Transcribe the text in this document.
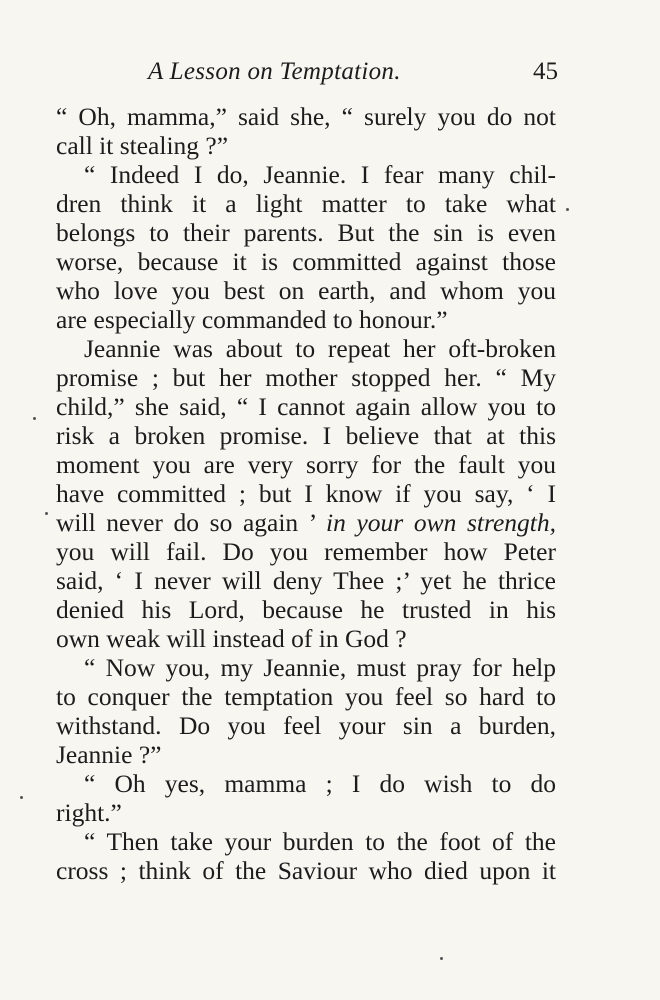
A Lesson on Temptation.	45
“ Oh, mamma,” said she, “ surely you do not
call it stealing ?”
“ Indeed I do, Jeannie. I fear many chil-
dren think it a light matter to take what
belongs to their parents. But the sin is even
worse, because it is committed against those
who love you best on earth, and whom you
are especially commanded to honour.”
Jeannie was about to repeat her oft-broken
promise ; but her mother stopped her. “ My
child,” she said, “ I cannot again allow you to
risk a broken promise. I believe that at this
moment you are very sorry for the fault you
have committed ; but I know if you say, ‘ I
will never do so again ’ in your own strength,
you will fail. Do you remember how Peter
said, ‘ I never will deny Thee ;’ yet he thrice
denied his Lord, because he trusted in his
own weak will instead of in God ?
“ Now you, my Jeannie, must pray for help
to conquer the temptation you feel so hard to
withstand. Do you feel your sin a burden,
Jeannie ?”
“ Oh yes, mamma ; I do wish to do
right.”
“ Then take your burden to the foot of the
cross ; think of the Saviour who died upon it
